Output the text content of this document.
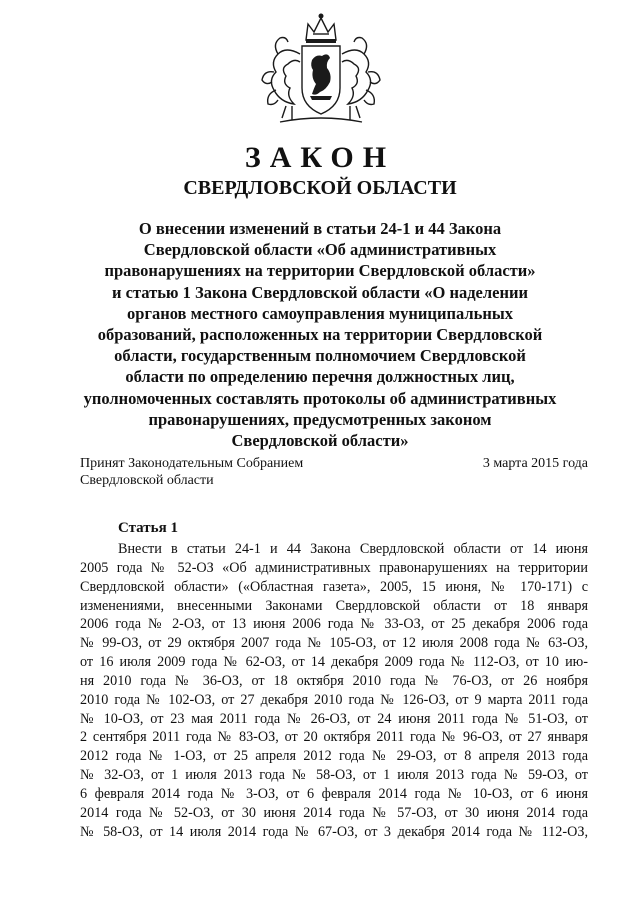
ЗАКОН
СВЕРДЛОВСКОЙ ОБЛАСТИ
О внесении изменений в статьи 24-1 и 44 Закона
Свердловской области «Об административных
правонарушениях на территории Свердловской области»
и статью 1 Закона Свердловской области «О наделении
органов местного самоуправления муниципальных
образований, расположенных на территории Свердловской
области, государственным полномочием Свердловской
области по определению перечня должностных лиц,
уполномоченных составлять протоколы об административных
правонарушениях, предусмотренных законом
Свердловской области»
Принят Законодательным Собранием
Свердловской области
3 марта 2015 года
Статья 1
Внести в статьи 24-1 и 44 Закона Свердловской области от 14 июня
2005 года № 52-ОЗ «Об административных правонарушениях на территории
Свердловской области» («Областная газета», 2005, 15 июня, № 170-171) с
изменениями, внесенными Законами Свердловской области от 18 января
2006 года № 2-ОЗ, от 13 июня 2006 года № 33-ОЗ, от 25 декабря 2006 года
№ 99-ОЗ, от 29 октября 2007 года № 105-ОЗ, от 12 июля 2008 года № 63-ОЗ,
от 16 июля 2009 года № 62-ОЗ, от 14 декабря 2009 года № 112-ОЗ, от 10 ию-
ня 2010 года № 36-ОЗ, от 18 октября 2010 года № 76-ОЗ, от 26 ноября
2010 года № 102-ОЗ, от 27 декабря 2010 года № 126-ОЗ, от 9 марта 2011 года
№ 10-ОЗ, от 23 мая 2011 года № 26-ОЗ, от 24 июня 2011 года № 51-ОЗ, от
2 сентября 2011 года № 83-ОЗ, от 20 октября 2011 года № 96-ОЗ, от 27 января
2012 года № 1-ОЗ, от 25 апреля 2012 года № 29-ОЗ, от 8 апреля 2013 года
№ 32-ОЗ, от 1 июля 2013 года № 58-ОЗ, от 1 июля 2013 года № 59-ОЗ, от
6 февраля 2014 года № 3-ОЗ, от 6 февраля 2014 года № 10-ОЗ, от 6 июня
2014 года № 52-ОЗ, от 30 июня 2014 года № 57-ОЗ, от 30 июня 2014 года
№ 58-ОЗ, от 14 июля 2014 года № 67-ОЗ, от 3 декабря 2014 года № 112-ОЗ,
